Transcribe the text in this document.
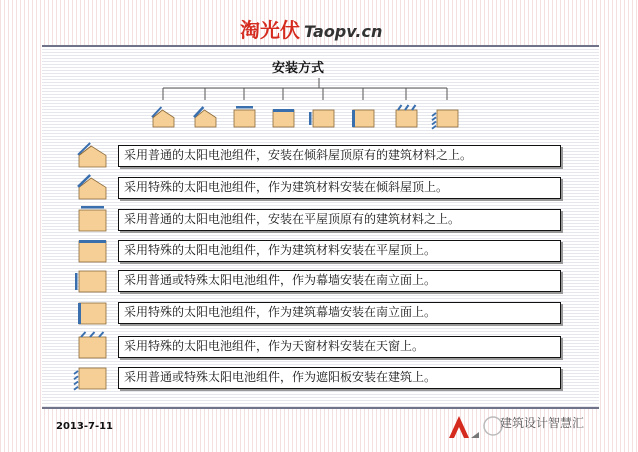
淘光伏 Taopv.cn
安装方式
采用普通的太阳电池组件，安装在倾斜屋顶原有的建筑材料之上。
采用特殊的太阳电池组件，作为建筑材料安装在倾斜屋顶上。
采用普通的太阳电池组件，安装在平屋顶原有的建筑材料之上。
采用特殊的太阳电池组件，作为建筑材料安装在平屋顶上。
采用普通或特殊太阳电池组件，作为幕墙安装在南立面上。
采用特殊的太阳电池组件，作为建筑幕墙安装在南立面上。
采用特殊的太阳电池组件，作为天窗材料安装在天窗上。
采用普通或特殊太阳电池组件，作为遮阳板安装在建筑上。
2013-7-11	建筑设计智慧汇
